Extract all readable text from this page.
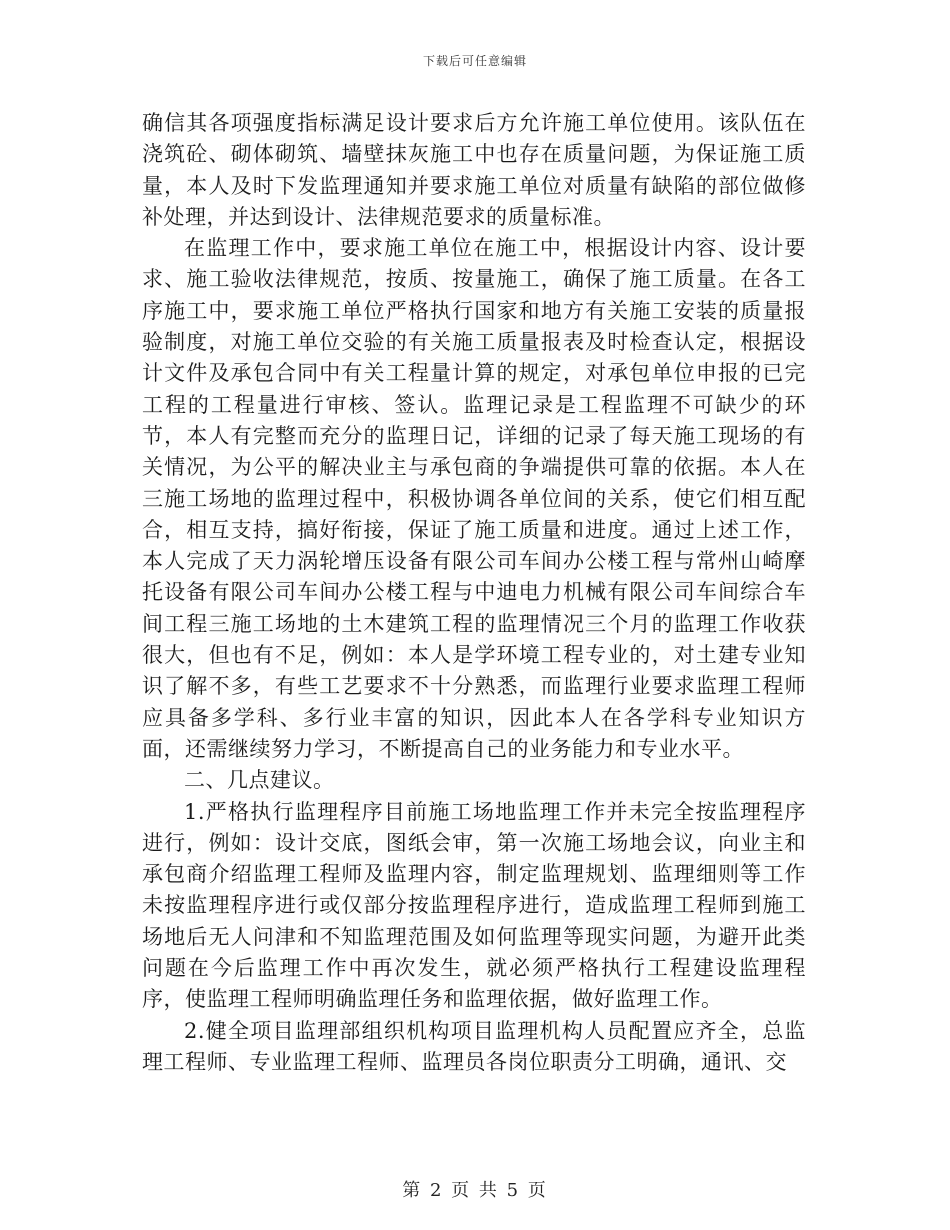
下载后可任意编辑

确信其各项强度指标满足设计要求后方允许施工单位使用。该队伍在浇筑砼、砌体砌筑、墙壁抹灰施工中也存在质量问题，为保证施工质量，本人及时下发监理通知并要求施工单位对质量有缺陷的部位做修补处理，并达到设计、法律规范要求的质量标准。

在监理工作中，要求施工单位在施工中，根据设计内容、设计要求、施工验收法律规范，按质、按量施工，确保了施工质量。在各工序施工中，要求施工单位严格执行国家和地方有关施工安装的质量报验制度，对施工单位交验的有关施工质量报表及时检查认定，根据设计文件及承包合同中有关工程量计算的规定，对承包单位申报的已完工程的工程量进行审核、签认。监理记录是工程监理不可缺少的环节，本人有完整而充分的监理日记，详细的记录了每天施工现场的有关情况，为公平的解决业主与承包商的争端提供可靠的依据。本人在三施工场地的监理过程中，积极协调各单位间的关系，使它们相互配合，相互支持，搞好衔接，保证了施工质量和进度。通过上述工作，本人完成了天力涡轮增压设备有限公司车间办公楼工程与常州山崎摩托设备有限公司车间办公楼工程与中迪电力机械有限公司车间综合车间工程三施工场地的土木建筑工程的监理情况三个月的监理工作收获很大，但也有不足，例如：本人是学环境工程专业的，对土建专业知识了解不多，有些工艺要求不十分熟悉，而监理行业要求监理工程师应具备多学科、多行业丰富的知识，因此本人在各学科专业知识方面，还需继续努力学习，不断提高自己的业务能力和专业水平。

二、几点建议。

1.严格执行监理程序目前施工场地监理工作并未完全按监理程序进行，例如：设计交底，图纸会审，第一次施工场地会议，向业主和承包商介绍监理工程师及监理内容，制定监理规划、监理细则等工作未按监理程序进行或仅部分按监理程序进行，造成监理工程师到施工场地后无人问津和不知监理范围及如何监理等现实问题，为避开此类问题在今后监理工作中再次发生，就必须严格执行工程建设监理程序，使监理工程师明确监理任务和监理依据，做好监理工作。

2.健全项目监理部组织机构项目监理机构人员配置应齐全，总监理工程师、专业监理工程师、监理员各岗位职责分工明确，通讯、交

第 2 页 共 5 页
